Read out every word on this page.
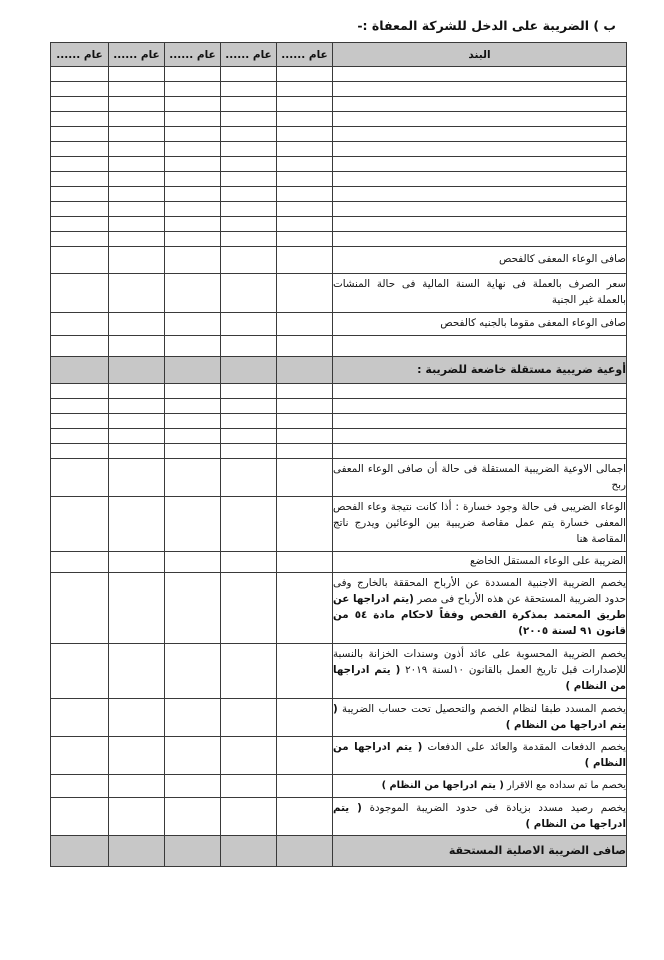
ب ) الضريبة على الدخل للشركة المعفاة :-
البند	عام ......	عام ......	عام ......	عام ......	عام ......

صافى الوعاء المعفى كالفحص					
سعر الصرف بالعملة فى نهاية السنة المالية فى حالة المنشات بالعملة غير الجنية					
صافى الوعاء المعفى مقوما بالجنيه كالفحص					

أوعية ضريبية مستقلة خاضعة للضريبة :					

اجمالى الاوعية الضريبية المستقلة فى حالة أن صافى الوعاء المعفى ربح					
الوعاء الضريبى فى حالة وجود خسارة : أذا كانت نتيجة وعاء الفحص المعفى خسارة يتم عمل مقاصة ضريبية بين الوعائين ويدرج ناتج المقاصة هنا					
الضريبة على الوعاء المستقل الخاضع					
يخصم الضريبة الاجنبية المسددة عن الأرباح المحققة بالخارج وفى حدود الضريبة المستحقة عن هذه الأرباح فى مصر (يتم ادراجها عن طريق المعتمد بمذكرة الفحص وفقاً لاحكام مادة ٥٤ من قانون ٩١ لسنة ٢٠٠٥)					
يخصم الضريبة المحسوبة على عائد أذون وسندات الخزانة بالنسبة للإصدارات قبل تاريخ العمل بالقانون ١٠لسنة ٢٠١٩ ( يتم ادراجها من النظام )					
يخصم المسدد طبقا لنظام الخصم والتحصيل تحت حساب الضريبة ( يتم ادراجها من النظام )					
يخصم الدفعات المقدمة والعائد على الدفعات ( يتم ادراجها من النظام )					
يخصم ما تم سداده مع الاقرار ( يتم ادراجها من النظام )					
يخصم رصيد مسدد بزيادة فى حدود الضريبة الموجودة ( يتم ادراجها من النظام )					
صافى الضريبة الاصلية المستحقة					
